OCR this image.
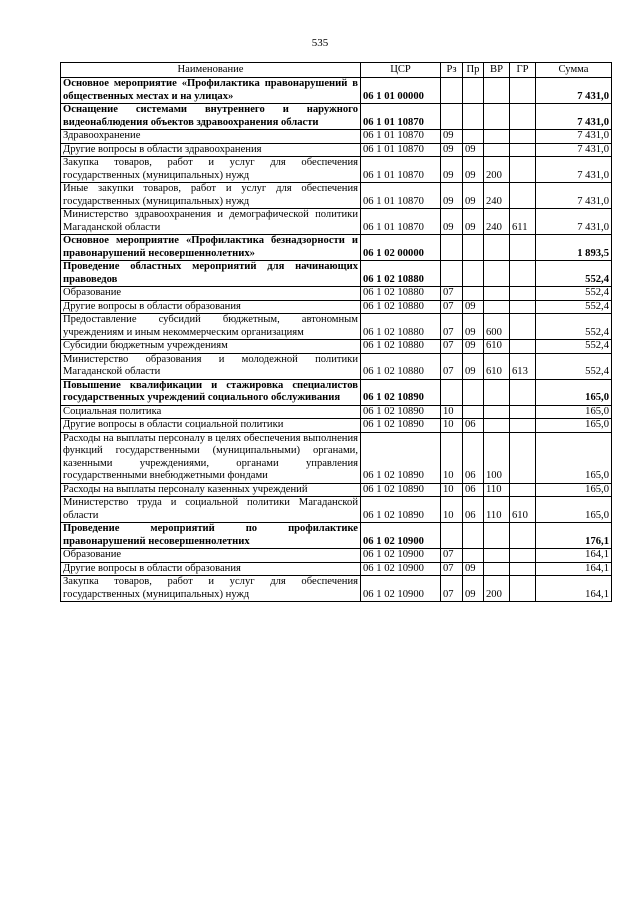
535
Наименование	ЦСР	Рз	Пр	ВР	ГР	Сумма
Основное мероприятие «Профилактика правонарушений в общественных местах и на улицах»	06 1 01 00000					7 431,0
Оснащение системами внутреннего и наружного видеонаблюдения объектов здравоохранения области	06 1 01 10870					7 431,0
Здравоохранение	06 1 01 10870	09				7 431,0
Другие вопросы в области здравоохранения	06 1 01 10870	09	09			7 431,0
Закупка товаров, работ и услуг для обеспечения государственных (муниципальных) нужд	06 1 01 10870	09	09	200		7 431,0
Иные закупки товаров, работ и услуг для обеспечения государственных (муниципальных) нужд	06 1 01 10870	09	09	240		7 431,0
Министерство здравоохранения и демографической политики Магаданской области	06 1 01 10870	09	09	240	611	7 431,0
Основное мероприятие «Профилактика безнадзорности и правонарушений несовершеннолетних»	06 1 02 00000					1 893,5
Проведение областных мероприятий для начинающих правоведов	06 1 02 10880					552,4
Образование	06 1 02 10880	07				552,4
Другие вопросы в области образования	06 1 02 10880	07	09			552,4
Предоставление субсидий бюджетным, автономным учреждениям и иным некоммерческим организациям	06 1 02 10880	07	09	600		552,4
Субсидии бюджетным учреждениям	06 1 02 10880	07	09	610		552,4
Министерство образования и молодежной политики Магаданской области	06 1 02 10880	07	09	610	613	552,4
Повышение квалификации и стажировка специалистов государственных учреждений социального обслуживания	06 1 02 10890					165,0
Социальная политика	06 1 02 10890	10				165,0
Другие вопросы в области социальной политики	06 1 02 10890	10	06			165,0
Расходы на выплаты персоналу в целях обеспечения выполнения функций государственными (муниципальными) органами, казенными учреждениями, органами управления государственными внебюджетными фондами	06 1 02 10890	10	06	100		165,0
Расходы на выплаты персоналу казенных учреждений	06 1 02 10890	10	06	110		165,0
Министерство труда и социальной политики Магаданской области	06 1 02 10890	10	06	110	610	165,0
Проведение мероприятий по профилактике правонарушений несовершеннолетних	06 1 02 10900					176,1
Образование	06 1 02 10900	07				164,1
Другие вопросы в области образования	06 1 02 10900	07	09			164,1
Закупка товаров, работ и услуг для обеспечения государственных (муниципальных) нужд	06 1 02 10900	07	09	200		164,1
